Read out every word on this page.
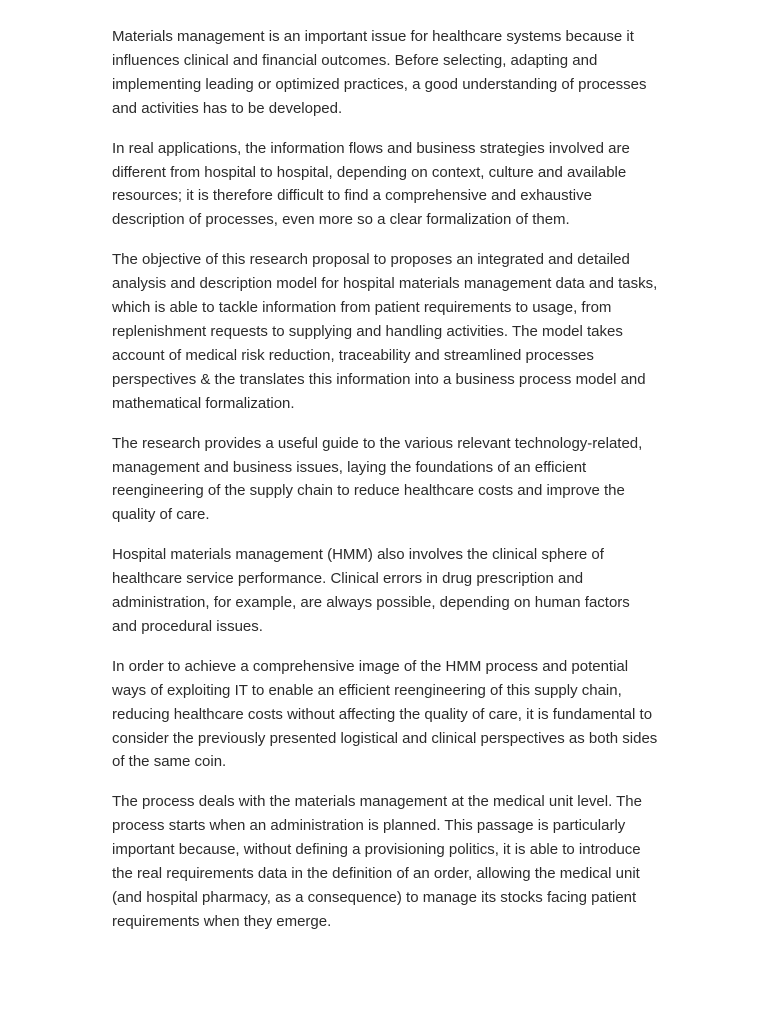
Materials management is an important issue for healthcare systems because it
influences clinical and financial outcomes. Before selecting, adapting and
implementing leading or optimized practices, a good understanding of processes
and activities has to be developed.

In real applications, the information flows and business strategies involved are
different from hospital to hospital, depending on context, culture and available
resources; it is therefore difficult to find a comprehensive and exhaustive
description of processes, even more so a clear formalization of them.

The objective of this research proposal to proposes an integrated and detailed
analysis and description model for hospital materials management data and tasks,
which is able to tackle information from patient requirements to usage, from
replenishment requests to supplying and handling activities. The model takes
account of medical risk reduction, traceability and streamlined processes
perspectives & the translates this information into a business process model and
mathematical formalization.

The research provides a useful guide to the various relevant technology-related,
management and business issues, laying the foundations of an efficient
reengineering of the supply chain to reduce healthcare costs and improve the
quality of care.

Hospital materials management (HMM) also involves the clinical sphere of
healthcare service performance. Clinical errors in drug prescription and
administration, for example, are always possible, depending on human factors
and procedural issues.

In order to achieve a comprehensive image of the HMM process and potential
ways of exploiting IT to enable an efficient reengineering of this supply chain,
reducing healthcare costs without affecting the quality of care, it is fundamental to
consider the previously presented logistical and clinical perspectives as both sides
of the same coin.

The process deals with the materials management at the medical unit level. The
process starts when an administration is planned. This passage is particularly
important because, without defining a provisioning politics, it is able to introduce
the real requirements data in the definition of an order, allowing the medical unit
(and hospital pharmacy, as a consequence) to manage its stocks facing patient
requirements when they emerge.
